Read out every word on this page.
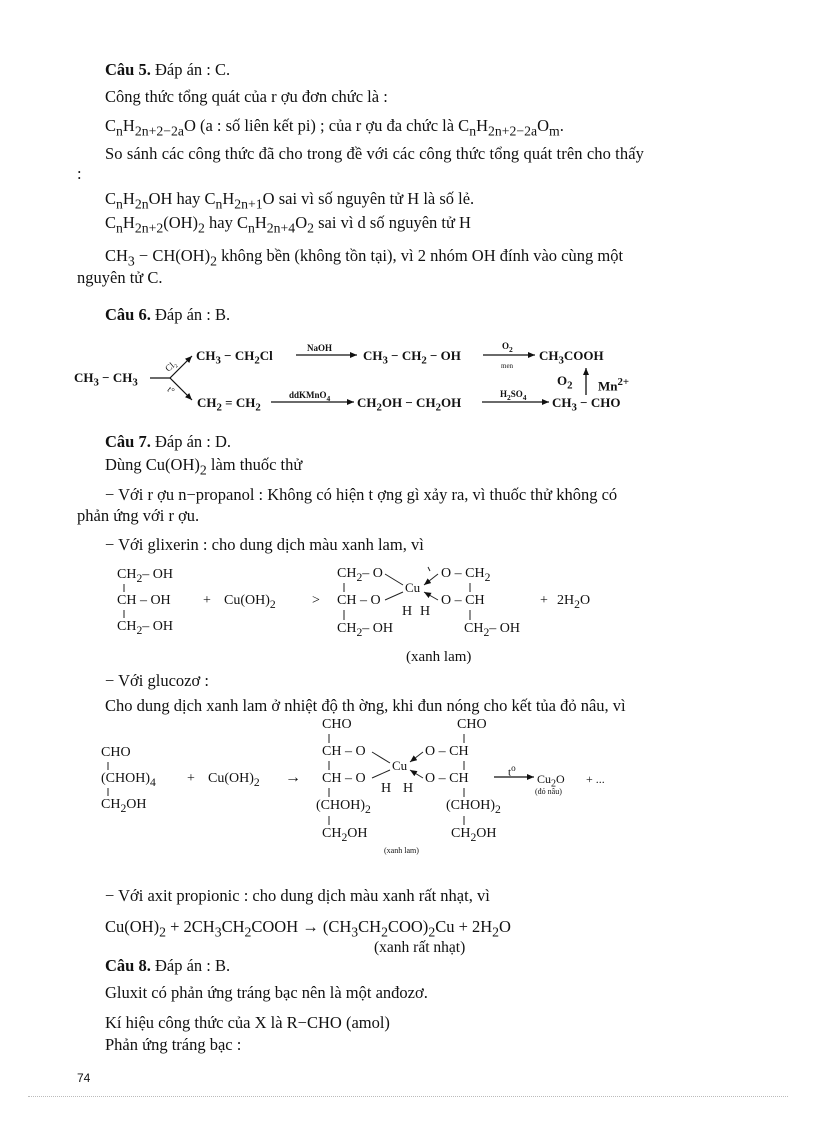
Câu 5. Đáp án : C.
Công thức tổng quát của r ợu đơn chức là :
$C_nH_{2n+2-2a}O$ (a : số liên kết pi) ; của r ợu đa chức là $C_nH_{2n+2-2a}O_m$.
So sánh các công thức đã cho trong đề với các công thức tổng quát trên cho thấy
:
$C_nH_{2n}OH$ hay $C_nH_{2n+1}O$ sai vì số nguyên tử H là số lẻ.
$C_nH_{2n+2}(OH)_2$ hay $C_nH_{2n+4}O_2$ sai vì d số nguyên tử H
$CH_3 - CH(OH)_2$ không bền (không tồn tại), vì 2 nhóm OH đính vào cùng một
nguyên tử C.
Câu 6. Đáp án : B.
$CH_3 - CH_3$
Cl₂
t°
$CH_3 - CH_2Cl$	NaOH $CH_3 - CH_2$ − OH
$O_2$
men
$CH_3COOH$
$CH_2 = CH_2$
ddKMnO$_4$ $CH_2OH - CH_2OH$
$H_2SO_4$ $CH_3$ − CHO
$O_2$ $Mn^{2+}$
Câu 7. Đáp án : D.
Dùng $Cu(OH)_2$ làm thuốc thử
− Với r ợu n−propanol : Không có hiện t ợng gì xảy ra, vì thuốc thử không có
phản ứng với r ợu.
− Với glixerin : cho dung dịch màu xanh lam, vì
$CH_2-$ OH
CH – OH
$CH_2-$ OH
+ $Cu(OH)_2$	>
$CH_2-$ O
CH – O
$CH_2-$ OH
Cu
H H
O – $CH_2$
O – CH
$CH_2-$ OH
+ $2H_2O$
(xanh lam)
− Với glucozơ :
Cho dung dịch xanh lam ở nhiệt độ th ờng, khi đun nóng cho kết tủa đỏ nâu, vì
CHO
$(CHOH)_4$
$CH_2OH$
+ $Cu(OH)_2$ →
CHO
CH – O
CH – O
H
$(CHOH)_2$
$CH_2OH$
Cu
CHO
O – CH
O – CH
H
$(CHOH)_2$
$CH_2OH$
$t^o$
$Cu_2O$ + ...
(đỏ nâu)
(xanh lam)
− Với axit propionic : cho dung dịch màu xanh rất nhạt, vì
$Cu(OH)_2$ + $2CH_3CH_2COOH \to (CH_3CH_2COO)_2Cu + 2H_2O$
(xanh rất nhạt)
Câu 8. Đáp án : B.
Gluxit có phản ứng tráng bạc nên là một anđozơ.
Kí hiệu công thức của X là R−CHO (amol)
Phản ứng tráng bạc :
74
